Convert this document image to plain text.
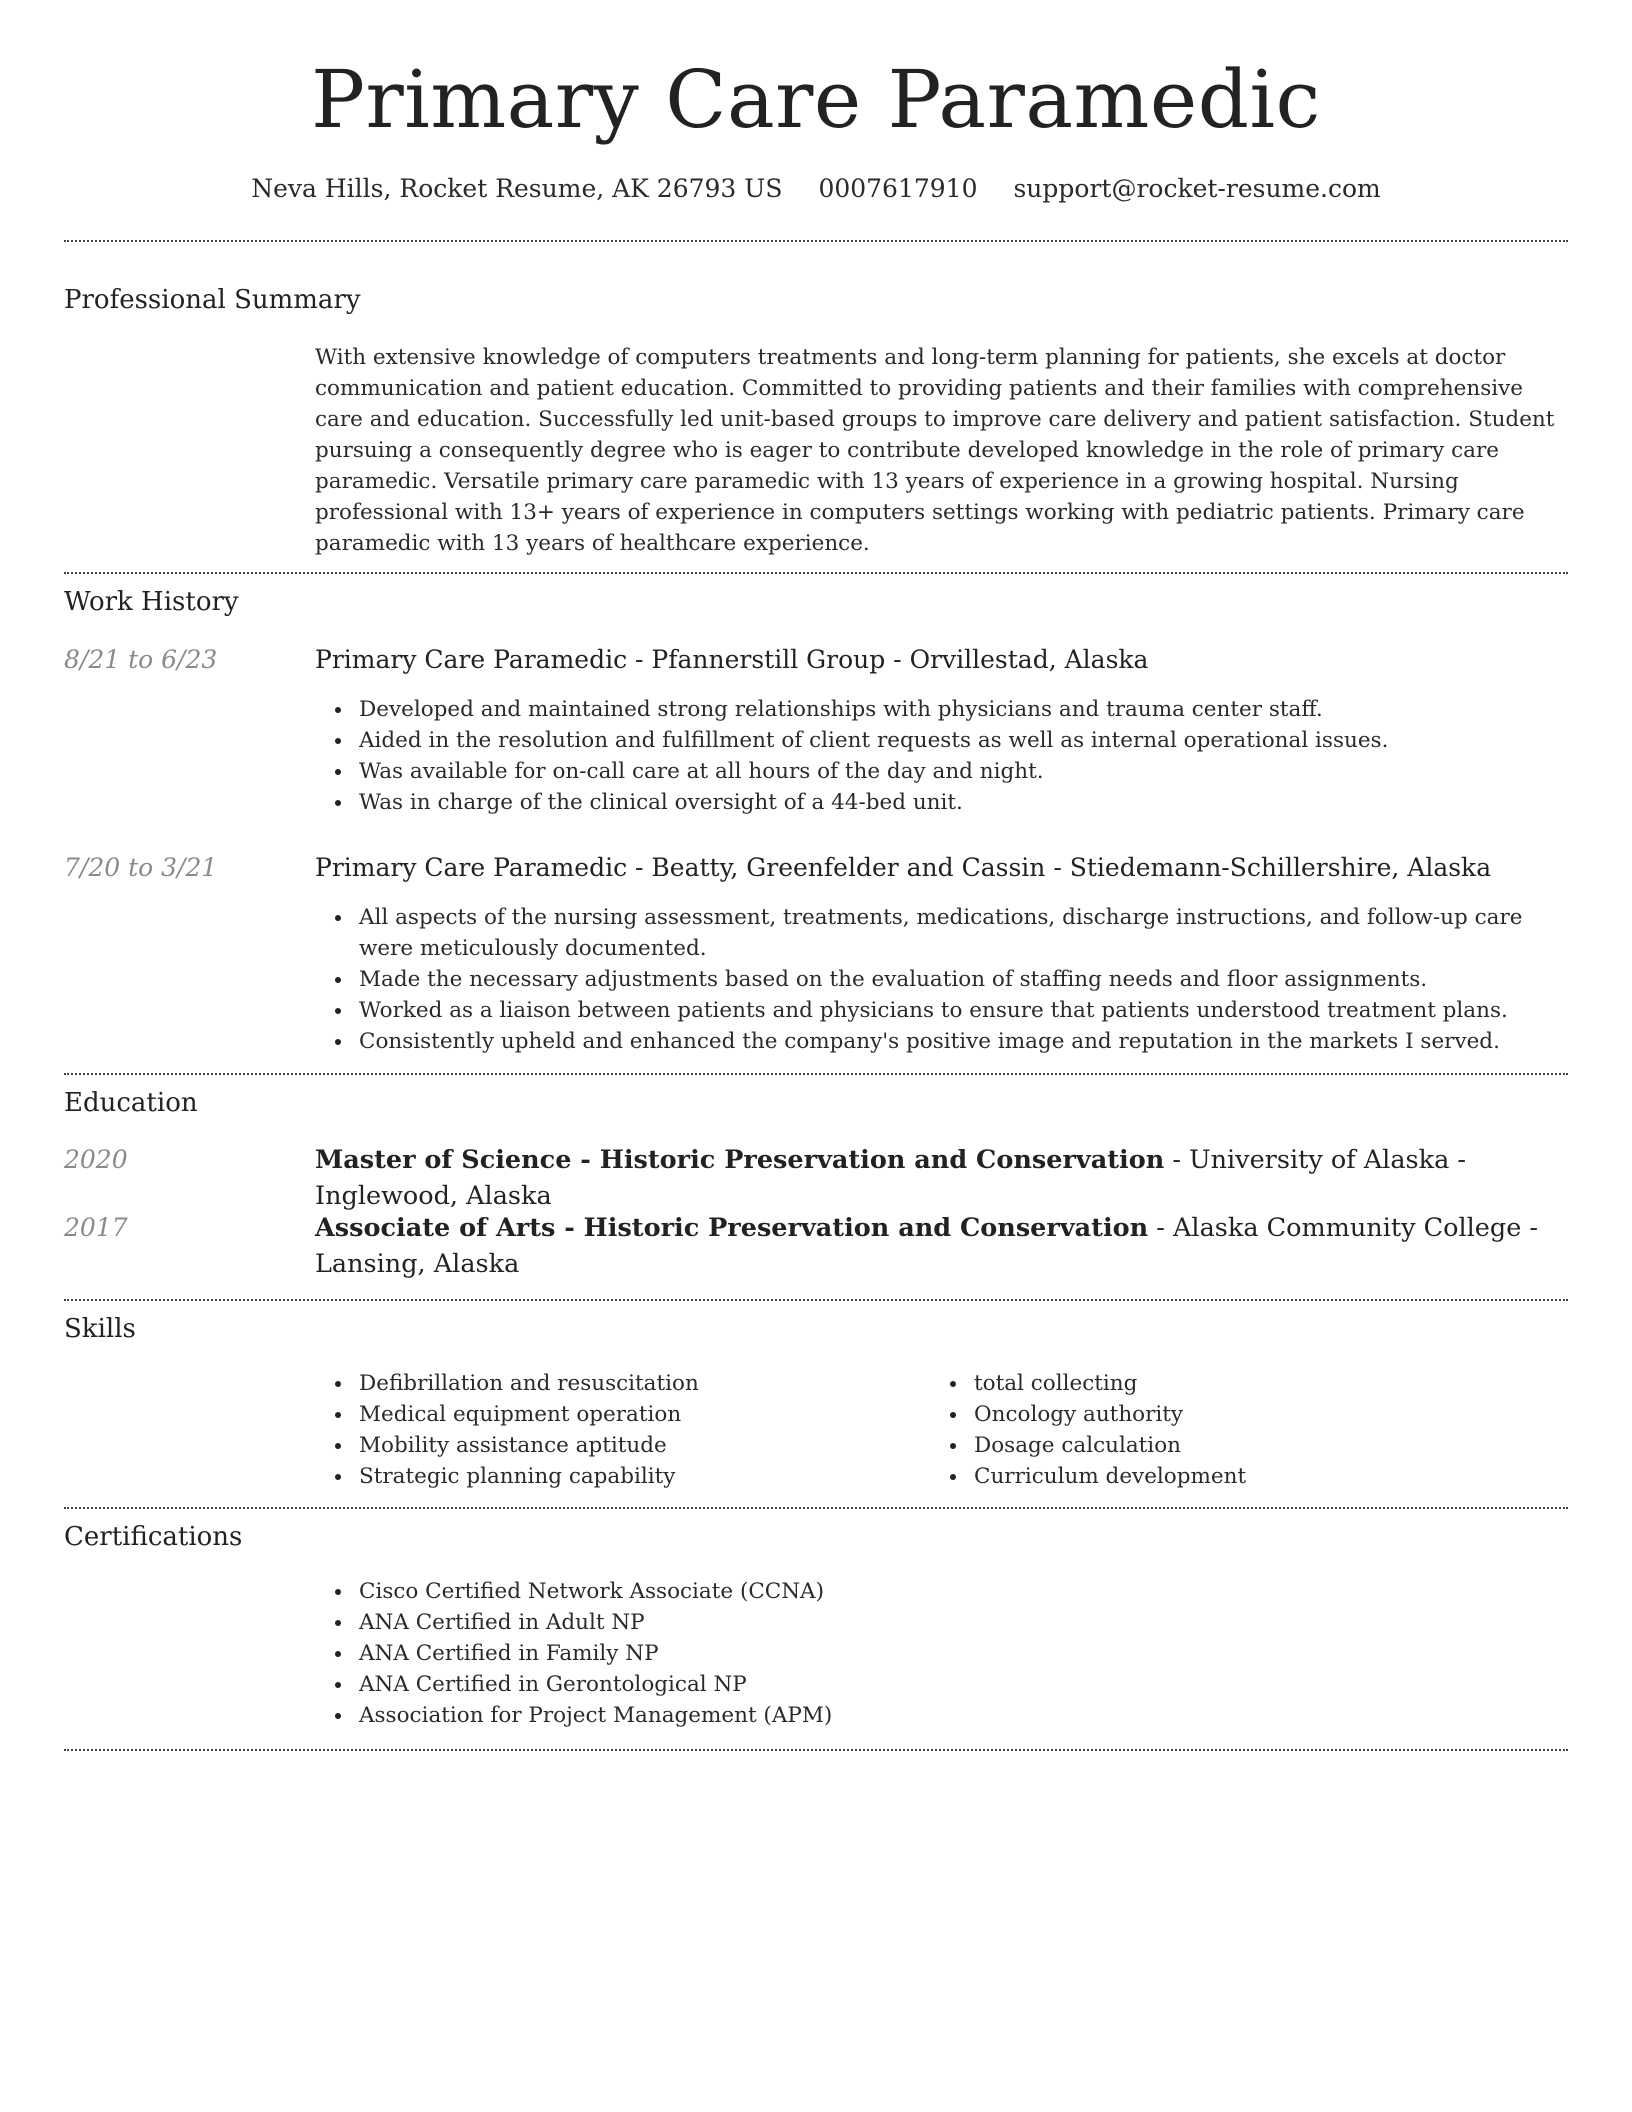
Primary Care Paramedic
Neva Hills, Rocket Resume, AK 26793 US 0007617910 support@rocket-resume.com
Professional Summary
With extensive knowledge of computers treatments and long-term planning for patients, she excels at doctor communication and patient education. Committed to providing patients and their families with comprehensive care and education. Successfully led unit-based groups to improve care delivery and patient satisfaction. Student pursuing a consequently degree who is eager to contribute developed knowledge in the role of primary care paramedic. Versatile primary care paramedic with 13 years of experience in a growing hospital. Nursing professional with 13+ years of experience in computers settings working with pediatric patients. Primary care paramedic with 13 years of healthcare experience.
Work History
8/21 to 6/23	Primary Care Paramedic - Pfannerstill Group - Orvillestad, Alaska
Developed and maintained strong relationships with physicians and trauma center staff.
Aided in the resolution and fulfillment of client requests as well as internal operational issues.
Was available for on-call care at all hours of the day and night.
Was in charge of the clinical oversight of a 44-bed unit.
7/20 to 3/21	Primary Care Paramedic - Beatty, Greenfelder and Cassin - Stiedemann-Schillershire, Alaska
All aspects of the nursing assessment, treatments, medications, discharge instructions, and follow-up care were meticulously documented.
Made the necessary adjustments based on the evaluation of staffing needs and floor assignments.
Worked as a liaison between patients and physicians to ensure that patients understood treatment plans.
Consistently upheld and enhanced the company's positive image and reputation in the markets I served.
Education
2020	Master of Science - Historic Preservation and Conservation - University of Alaska - Inglewood, Alaska
2017	Associate of Arts - Historic Preservation and Conservation - Alaska Community College - Lansing, Alaska
Skills
Defibrillation and resuscitation
Medical equipment operation
Mobility assistance aptitude
Strategic planning capability
total collecting
Oncology authority
Dosage calculation
Curriculum development
Certifications
Cisco Certified Network Associate (CCNA)
ANA Certified in Adult NP
ANA Certified in Family NP
ANA Certified in Gerontological NP
Association for Project Management (APM)
